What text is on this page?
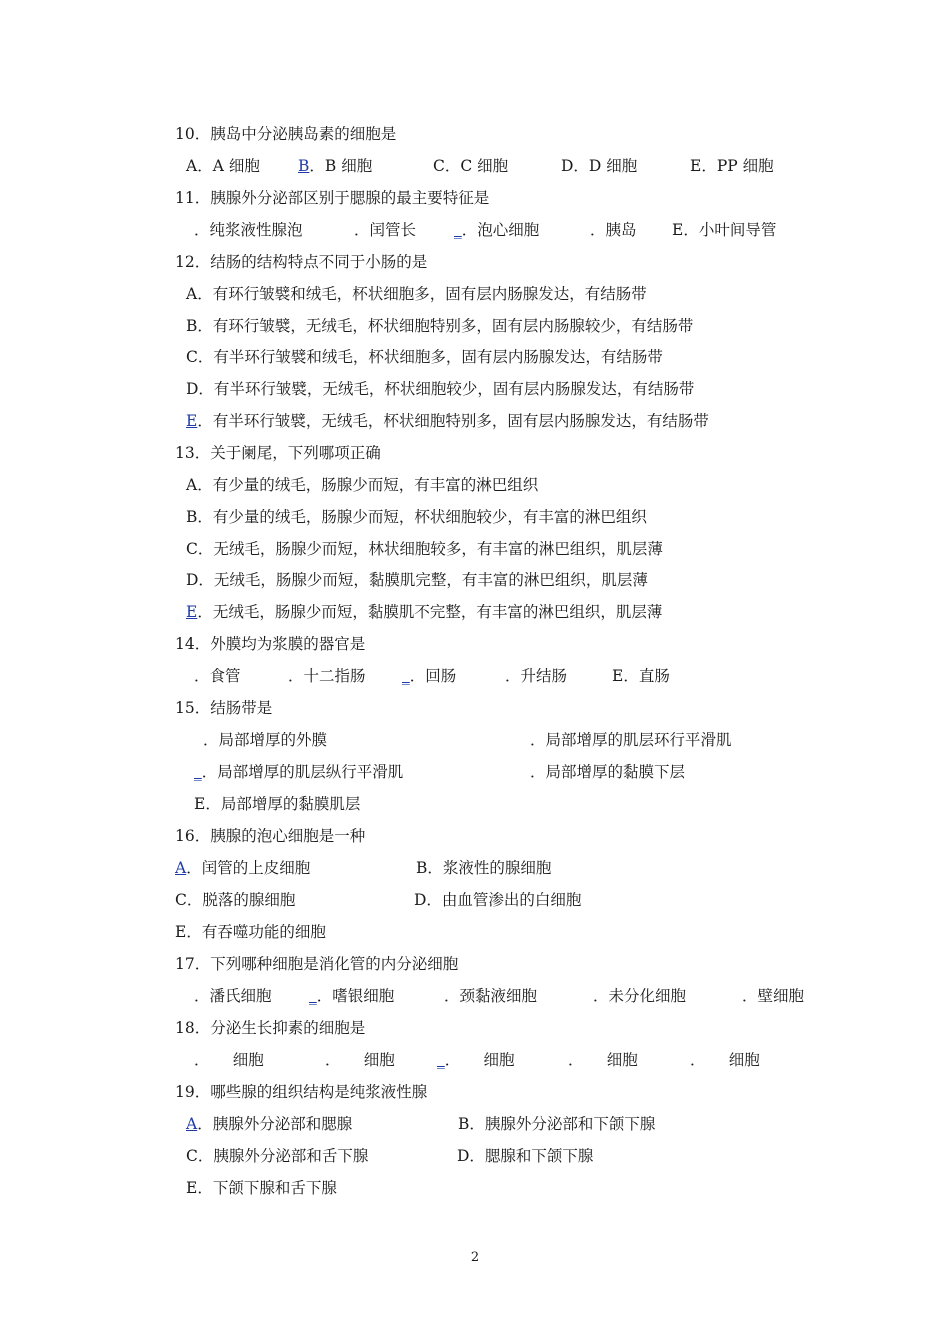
10．胰岛中分泌胰岛素的细胞是
A．A 细胞 B．B 细胞	C．C 细胞	D．D 细胞	E．PP 细胞
11．胰腺外分泌部区别于腮腺的最主要特征是
．纯浆液性腺泡	．闰管长 _．泡心细胞	．胰岛 E．小叶间导管
12．结肠的结构特点不同于小肠的是
A．有环行皱襞和绒毛，杯状细胞多，固有层内肠腺发达，有结肠带
B．有环行皱襞，无绒毛，杯状细胞特别多，固有层内肠腺较少，有结肠带
C．有半环行皱襞和绒毛，杯状细胞多，固有层内肠腺发达，有结肠带
D．有半环行皱襞，无绒毛，杯状细胞较少，固有层内肠腺发达，有结肠带
E．有半环行皱襞，无绒毛，杯状细胞特别多，固有层内肠腺发达，有结肠带
13．关于阑尾，下列哪项正确
A．有少量的绒毛，肠腺少而短，有丰富的淋巴组织
B．有少量的绒毛，肠腺少而短，杯状细胞较少，有丰富的淋巴组织
C．无绒毛，肠腺少而短，林状细胞较多，有丰富的淋巴组织，肌层薄
D．无绒毛，肠腺少而短，黏膜肌完整，有丰富的淋巴组织，肌层薄
E．无绒毛，肠腺少而短，黏膜肌不完整，有丰富的淋巴组织，肌层薄
14．外膜均为浆膜的器官是
．食管	．十二指肠 _．回肠	．升结肠	E．直肠
15．结肠带是
．局部增厚的外膜	．局部增厚的肌层环行平滑肌
_．局部增厚的肌层纵行平滑肌	．局部增厚的黏膜下层
E．局部增厚的黏膜肌层
16．胰腺的泡心细胞是一种
A．闰管的上皮细胞	B．浆液性的腺细胞
C．脱落的腺细胞	D．由血管渗出的白细胞
E．有吞噬功能的细胞
17．下列哪种细胞是消化管的内分泌细胞
．潘氏细胞 _．嗜银细胞	．颈黏液细胞	．未分化细胞	．壁细胞
18．分泌生长抑素的细胞是
．　　细胞	．　　细胞	_．　　细胞	．　　细胞	．　　细胞
19．哪些腺的组织结构是纯浆液性腺
A．胰腺外分泌部和腮腺	B．胰腺外分泌部和下颌下腺
C．胰腺外分泌部和舌下腺	D．腮腺和下颌下腺
E．下颌下腺和舌下腺
2
